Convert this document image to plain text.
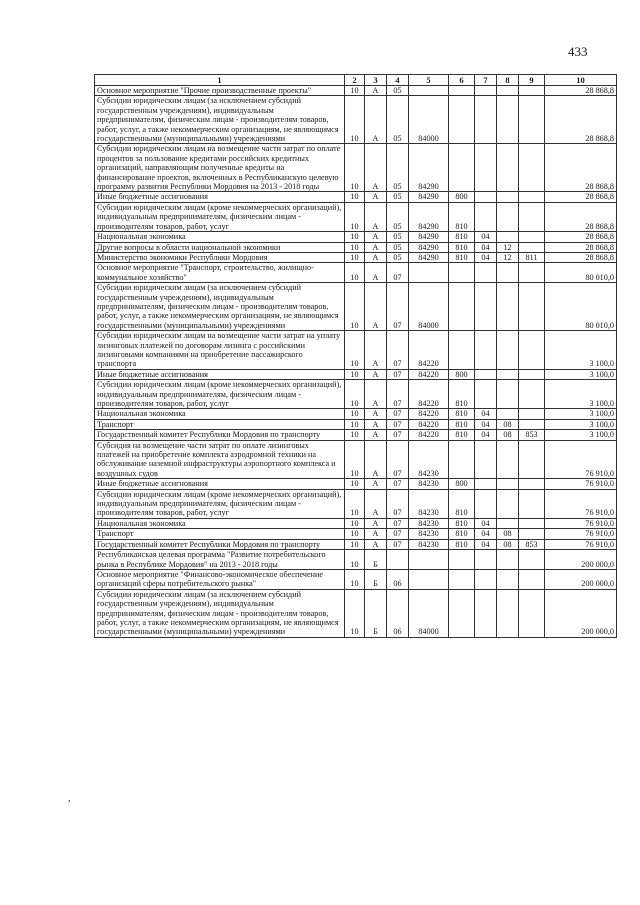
433
1	2	3	4	5	6	7	8	9	10
Основное мероприятие "Прочие производственные проекты"	10	А	05						28 868,8
Субсидии юридическим лицам (за исключением субсидий государственным учреждениям), индивидуальным предпринимателям, физическим лицам - производителям товаров, работ, услуг, а также некоммерческим организациям, не являющимся государственными (муниципальными) учреждениями	10	А	05	84000					28 868,8
Субсидии юридическим лицам на возмещение части затрат по оплате процентов за пользование кредитами российских кредитных организаций, направляющим полученные кредиты на финансирование проектов, включенных в Республиканскую целевую программу развития Республики Мордовия на 2013 - 2018 годы	10	А	05	84290					28 868,8
Иные бюджетные ассигнования	10	А	05	84290	800				28 868,8
Субсидии юридическим лицам (кроме некоммерческих организаций), индивидуальным предпринимателям, физическим лицам - производителям товаров, работ, услуг	10	А	05	84290	810				28 868,8
Национальная экономика	10	А	05	84290	810	04			28 868,8
Другие вопросы в области национальной экономики	10	А	05	84290	810	04	12		28 868,8
Министерство экономики Республики Мордовия	10	А	05	84290	810	04	12	811	28 868,8
Основное мероприятие "Транспорт, строительство, жилищно-коммунальное хозяйство"	10	А	07						80 010,0
Субсидии юридическим лицам (за исключением субсидий государственным учреждениям), индивидуальным предпринимателям, физическим лицам - производителям товаров, работ, услуг, а также некоммерческим организациям, не являющимся государственными (муниципальными) учреждениями	10	А	07	84000					80 010,0
Субсидии юридическим лицам на возмещение части затрат на уплату лизинговых платежей по договорам лизинга с российскими лизинговыми компаниями на приобретение пассажирского транспорта	10	А	07	84220					3 100,0
Иные бюджетные ассигнования	10	А	07	84220	800				3 100,0
Субсидии юридическим лицам (кроме некоммерческих организаций), индивидуальным предпринимателям, физическим лицам - производителям товаров, работ, услуг	10	А	07	84220	810				3 100,0
Национальная экономика	10	А	07	84220	810	04			3 100,0
Транспорт	10	А	07	84220	810	04	08		3 100,0
Государственный комитет Республики Мордовия по транспорту	10	А	07	84220	810	04	08	853	3 100,0
Субсидия на возмещение части затрат по оплате лизинговых платежей на приобретение комплекта аэродромной техники на обслуживание наземной инфраструктуры аэропортного комплекса и воздушных судов	10	А	07	84230					76 910,0
Иные бюджетные ассигнования	10	А	07	84230	800				76 910,0
Субсидии юридическим лицам (кроме некоммерческих организаций), индивидуальным предпринимателям, физическим лицам - производителям товаров, работ, услуг	10	А	07	84230	810				76 910,0
Национальная экономика	10	А	07	84230	810	04			76 910,0
Транспорт	10	А	07	84230	810	04	08		76 910,0
Государственный комитет Республики Мордовия по транспорту	10	А	07	84230	810	04	08	853	76 910,0
Республиканская целевая программа "Развитие потребительского рынка в Республике Мордовия" на 2013 - 2018 годы	10	Б							200 000,0
Основное мероприятие "Финансово-экономическое обеспечение организаций сферы потребительского рынка"	10	Б	06						200 000,0
Субсидии юридическим лицам (за исключением субсидий государственным учреждениям), индивидуальным предпринимателям, физическим лицам - производителям товаров, работ, услуг, а также некоммерческим организациям, не являющимся государственными (муниципальными) учреждениями	10	Б	06	84000					200 000,0
,
